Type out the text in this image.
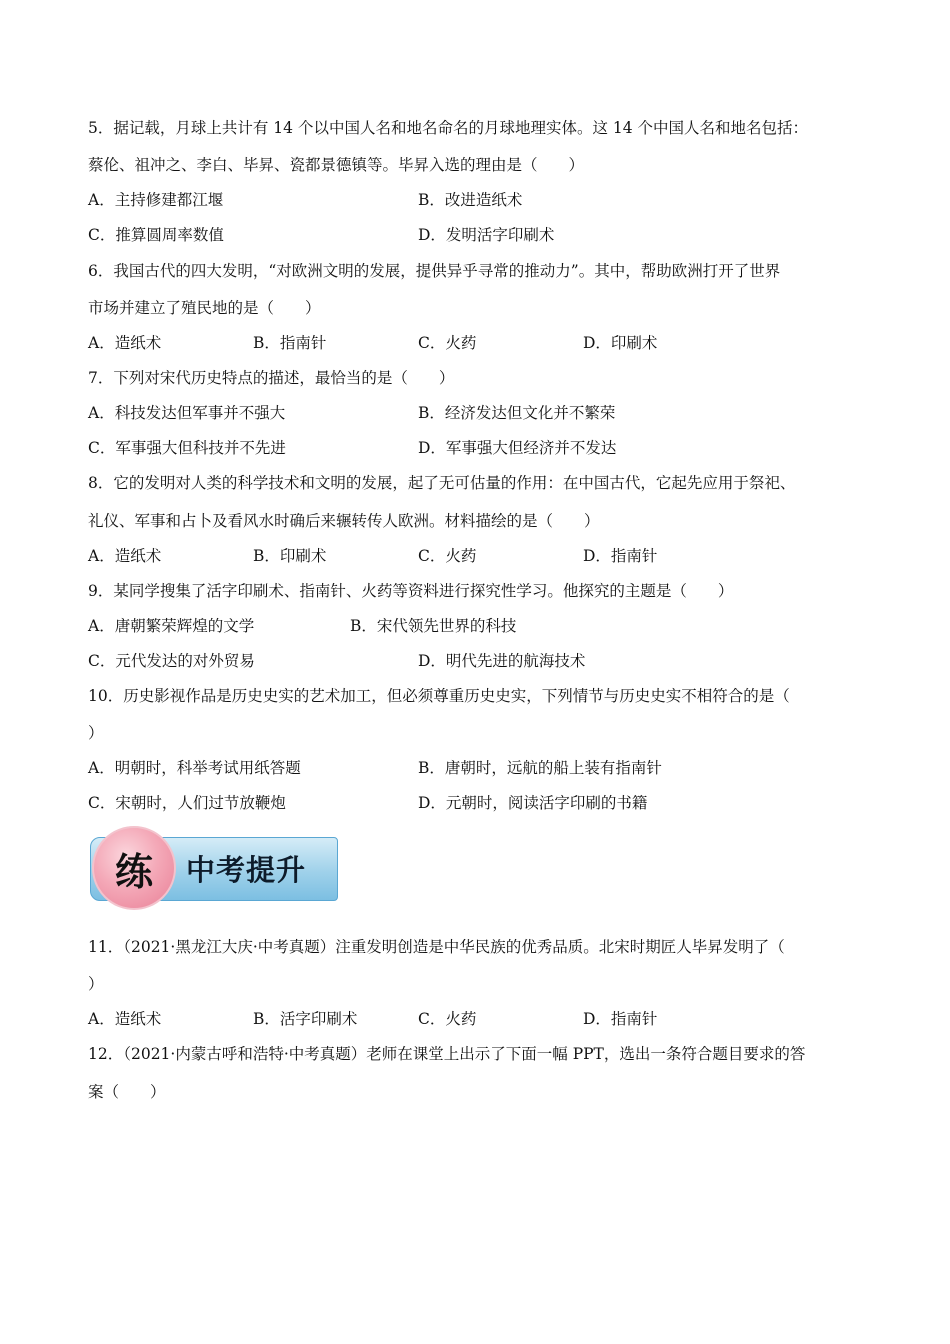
5．据记载，月球上共计有 14 个以中国人名和地名命名的月球地理实体。这 14 个中国人名和地名包括：
蔡伦、祖冲之、李白、毕昇、瓷都景德镇等。毕昇入选的理由是（　　）
A．主持修建都江堰	B．改进造纸术
C．推算圆周率数值	D．发明活字印刷术
6．我国古代的四大发明，“对欧洲文明的发展，提供异乎寻常的推动力”。其中，帮助欧洲打开了世界
市场并建立了殖民地的是（　　）
A．造纸术	B．指南针	C．火药	D．印刷术
7．下列对宋代历史特点的描述，最恰当的是（　　）
A．科技发达但军事并不强大	B．经济发达但文化并不繁荣
C．军事强大但科技并不先进	D．军事强大但经济并不发达
8．它的发明对人类的科学技术和文明的发展，起了无可估量的作用：在中国古代，它起先应用于祭祀、
礼仪、军事和占卜及看风水时确后来辗转传人欧洲。材料描绘的是（　　）
A．造纸术	B．印刷术	C．火药	D．指南针
9．某同学搜集了活字印刷术、指南针、火药等资料进行探究性学习。他探究的主题是（　　）
A．唐朝繁荣辉煌的文学	B．宋代领先世界的科技
C．元代发达的对外贸易	D．明代先进的航海技术
10．历史影视作品是历史史实的艺术加工，但必须尊重历史史实，下列情节与历史史实不相符合的是（
）
A．明朝时，科举考试用纸答题	B．唐朝时，远航的船上装有指南针
C．宋朝时，人们过节放鞭炮	D．元朝时，阅读活字印刷的书籍
练	中考提升
11．（2021·黑龙江大庆·中考真题）注重发明创造是中华民族的优秀品质。北宋时期匠人毕昇发明了（
）
A．造纸术	B．活字印刷术	C．火药	D．指南针
12．（2021·内蒙古呼和浩特·中考真题）老师在课堂上出示了下面一幅 PPT，选出一条符合题目要求的答
案（　　）
